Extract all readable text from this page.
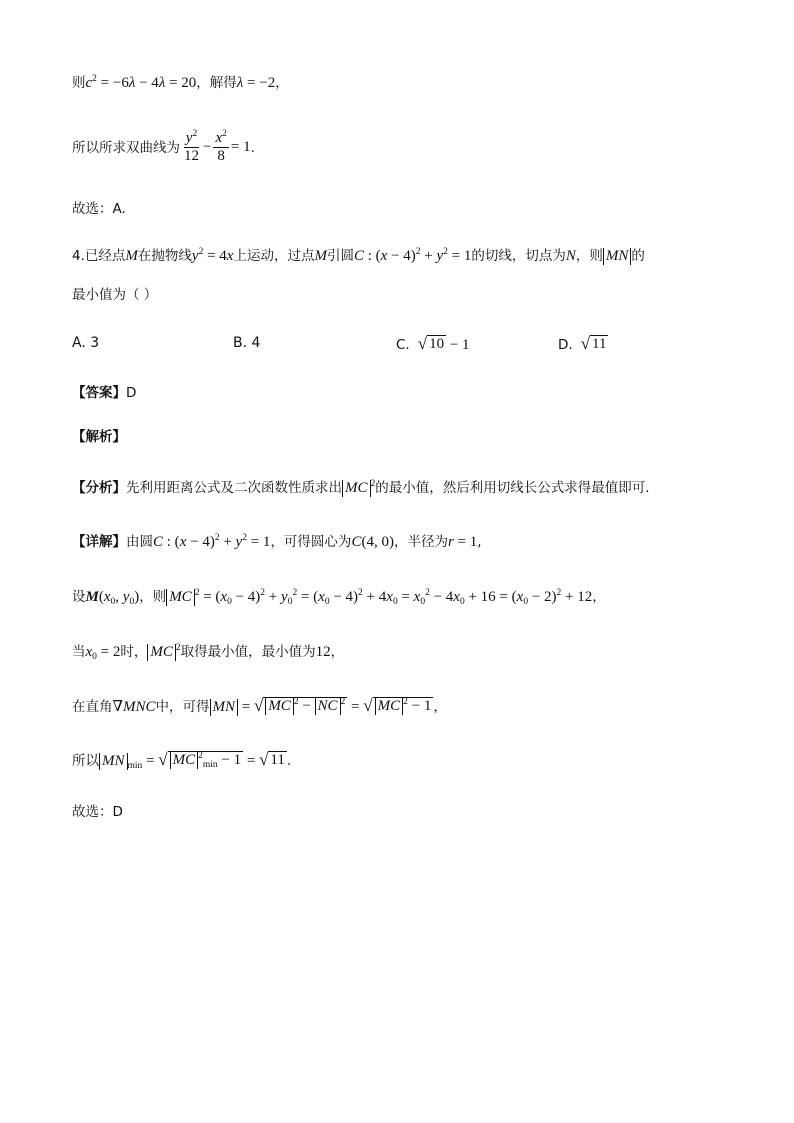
则 $c^2 = -6\lambda - 4\lambda = 20$ ，解得 λ = −2 ，
所以所求双曲线为 $\frac{y^2}{12} - \frac{x^2}{8} = 1$ .
故选：A.
4. 已经点 M 在抛物线 $y^2 = 4x$ 上运动，过点 M 引圆 C : $(x - 4)^2 + y^2 = 1$ 的切线，切点为 N ，则 MN 的
最小值为（ ）
A. 3	B. 4	C. √ 10 − 1	D. √ 11
【答案】 D
【解析】
【分析】 先利用距离公式及二次函数性质求出 MC $^2$ 的最小值，然后利用切线长公式求得最值即可.
【详解】 由圆 C : $(x - 4)^2 + y^2 = 1$ ，可得圆心为 C(4, 0) ，半径为 r = 1 ,
设 $M(x_0$, $y_0$) ，则 MC $^2 = (x_0 - 4)^2 + y_0^2 = (x_0 - 4)^2 + 4x_0 = x_0^2 - 4x_0 + 16 = (x_0 - 2)^2 + 12$ ，
当 $x_0 = 2$ 时， MC $^2$ 取得最小值，最小值为 12 ，
在直角 ∇MNC 中，可得 MN = √ MC $^2$ − NC $^2$ = √ MC $^2$ − 1 ，
所以 MN $_{min}$ = √ MC $^2_{min}$ − 1 = √ 11 .
故选：D
